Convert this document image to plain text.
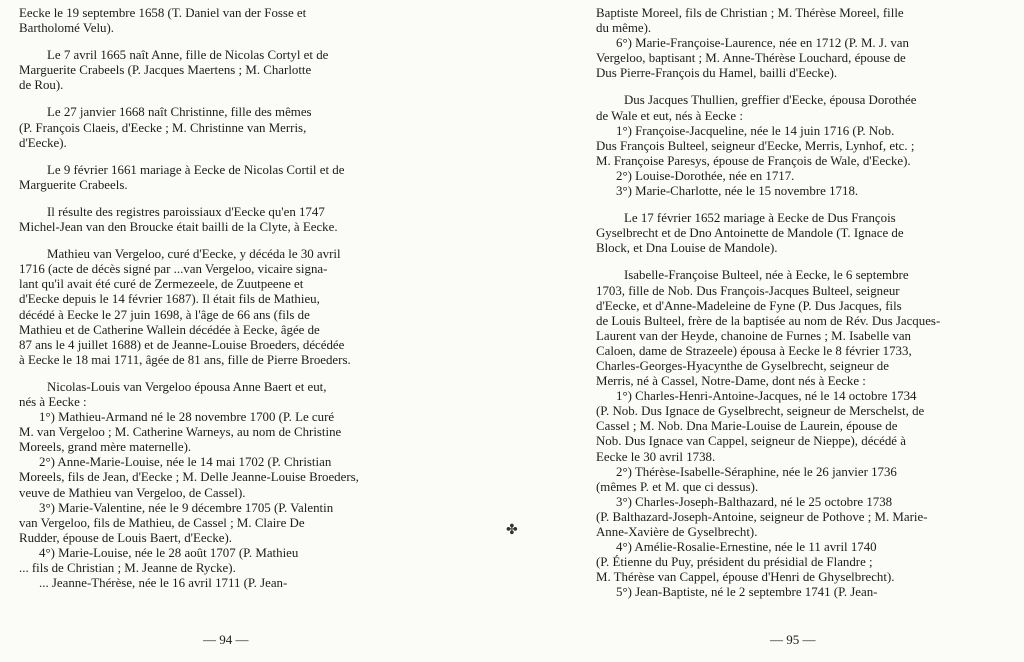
✤

Eecke le 19 septembre 1658 (T. Daniel van der Fosse et
Bartholomé Velu).

Le 7 avril 1665 naît Anne, fille de Nicolas Cortyl et de
Marguerite Crabeels (P. Jacques Maertens ; M. Charlotte
de Rou).

Le 27 janvier 1668 naît Christinne, fille des mêmes
(P. François Claeis, d'Eecke ; M. Christinne van Merris,
d'Eecke).

Le 9 février 1661 mariage à Eecke de Nicolas Cortil et de
Marguerite Crabeels.

Il résulte des registres paroissiaux d'Eecke qu'en 1747
Michel-Jean van den Broucke était bailli de la Clyte, à Eecke.

Mathieu van Vergeloo, curé d'Eecke, y décéda le 30 avril
1716 (acte de décès signé par ...van Vergeloo, vicaire signa-
lant qu'il avait été curé de Zermezeele, de Zuutpeene et
d'Eecke depuis le 14 février 1687). Il était fils de Mathieu,
décédé à Eecke le 27 juin 1698, à l'âge de 66 ans (fils de
Mathieu et de Catherine Wallein décédée à Eecke, âgée de
87 ans le 4 juillet 1688) et de Jeanne-Louise Broeders, décédée
à Eecke le 18 mai 1711, âgée de 81 ans, fille de Pierre Broeders.

Nicolas-Louis van Vergeloo épousa Anne Baert et eut,
nés à Eecke :
1°) Mathieu-Armand né le 28 novembre 1700 (P. Le curé
M. van Vergeloo ; M. Catherine Warneys, au nom de Christine
Moreels, grand mère maternelle).
2°) Anne-Marie-Louise, née le 14 mai 1702 (P. Christian
Moreels, fils de Jean, d'Eecke ; M. Delle Jeanne-Louise Broeders,
veuve de Mathieu van Vergeloo, de Cassel).
3°) Marie-Valentine, née le 9 décembre 1705 (P. Valentin
van Vergeloo, fils de Mathieu, de Cassel ; M. Claire De
Rudder, épouse de Louis Baert, d'Eecke).
4°) Marie-Louise, née le 28 août 1707 (P. Mathieu
... fils de Christian ; M. Jeanne de Rycke).
... Jeanne-Thérèse, née le 16 avril 1711 (P. Jean-

— 94 —

Baptiste Moreel, fils de Christian ; M. Thérèse Moreel, fille
du même).
6°) Marie-Françoise-Laurence, née en 1712 (P. M. J. van
Vergeloo, baptisant ; M. Anne-Thérèse Louchard, épouse de
Dus Pierre-François du Hamel, bailli d'Eecke).

Dus Jacques Thullien, greffier d'Eecke, épousa Dorothée
de Wale et eut, nés à Eecke :
1°) Françoise-Jacqueline, née le 14 juin 1716 (P. Nob.
Dus François Bulteel, seigneur d'Eecke, Merris, Lynhof, etc. ;
M. Françoise Paresys, épouse de François de Wale, d'Eecke).
2°) Louise-Dorothée, née en 1717.
3°) Marie-Charlotte, née le 15 novembre 1718.

Le 17 février 1652 mariage à Eecke de Dus François
Gyselbrecht et de Dno Antoinette de Mandole (T. Ignace de
Block, et Dna Louise de Mandole).

Isabelle-Françoise Bulteel, née à Eecke, le 6 septembre
1703, fille de Nob. Dus François-Jacques Bulteel, seigneur
d'Eecke, et d'Anne-Madeleine de Fyne (P. Dus Jacques, fils
de Louis Bulteel, frère de la baptisée au nom de Rév. Dus Jacques-
Laurent van der Heyde, chanoine de Furnes ; M. Isabelle van
Caloen, dame de Strazeele) épousa à Eecke le 8 février 1733,
Charles-Georges-Hyacynthe de Gyselbrecht, seigneur de
Merris, né à Cassel, Notre-Dame, dont nés à Eecke :
1°) Charles-Henri-Antoine-Jacques, né le 14 octobre 1734
(P. Nob. Dus Ignace de Gyselbrecht, seigneur de Merschelst, de
Cassel ; M. Nob. Dna Marie-Louise de Laurein, épouse de
Nob. Dus Ignace van Cappel, seigneur de Nieppe), décédé à
Eecke le 30 avril 1738.
2°) Thérèse-Isabelle-Séraphine, née le 26 janvier 1736
(mêmes P. et M. que ci dessus).
3°) Charles-Joseph-Balthazard, né le 25 octobre 1738
(P. Balthazard-Joseph-Antoine, seigneur de Pothove ; M. Marie-
Anne-Xavière de Gyselbrecht).
4°) Amélie-Rosalie-Ernestine, née le 11 avril 1740
(P. Étienne du Puy, président du présidial de Flandre ;
M. Thérèse van Cappel, épouse d'Henri de Ghyselbrecht).
5°) Jean-Baptiste, né le 2 septembre 1741 (P. Jean-

— 95 —
